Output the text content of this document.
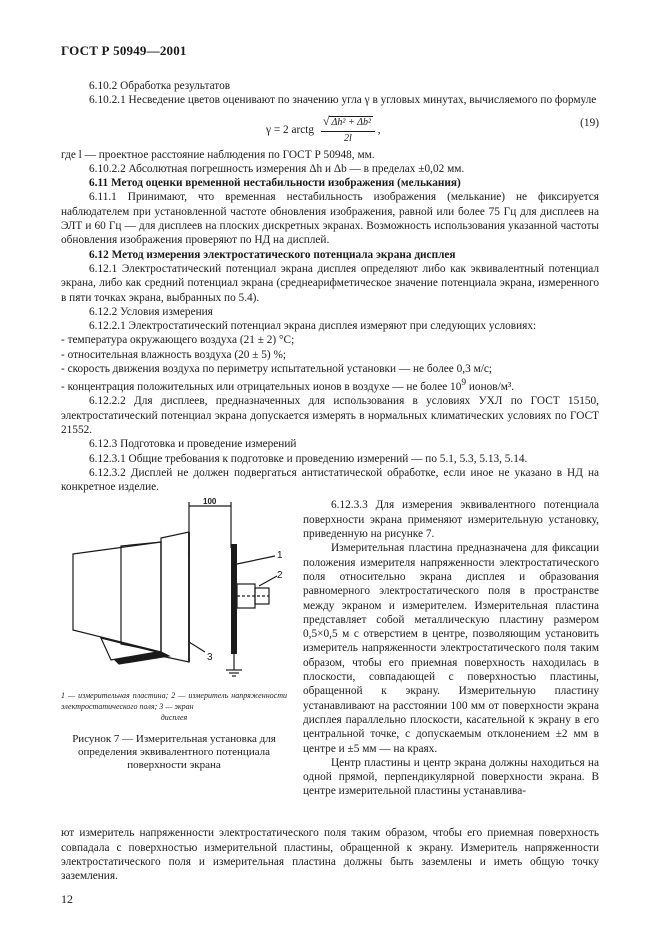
ГОСТ Р 50949—2001

6.10.2 Обработка результатов

6.10.2.1 Несведение цветов оценивают по значению угла γ в угловых минутах, вычисляемого по формуле

γ = 2 arctg $\frac{\text{√ Δh² + Δb²}}{2l}$ ,
(19)

где l — проектное расстояние наблюдения по ГОСТ Р 50948, мм.

6.10.2.2 Абсолютная погрешность измерения Δh и Δb — в пределах ±0,02 мм.

6.11 Метод оценки временной нестабильности изображения (мелькания)

6.11.1 Принимают, что временная нестабильность изображения (мелькание) не фиксируется наблюдателем при установленной частоте обновления изображения, равной или более 75 Гц для дисплеев на ЭЛТ и 60 Гц — для дисплеев на плоских дискретных экранах. Возможность использования указанной частоты обновления изображения проверяют по НД на дисплей.

6.12 Метод измерения электростатического потенциала экрана дисплея

6.12.1 Электростатический потенциал экрана дисплея определяют либо как эквивалентный потенциал экрана, либо как средний потенциал экрана (среднеарифметическое значение потенциала экрана, измеренного в пяти точках экрана, выбранных по 5.4).

6.12.2 Условия измерения

6.12.2.1 Электростатический потенциал экрана дисплея измеряют при следующих условиях:

- температура окружающего воздуха (21 ± 2) °С;

- относительная влажность воздуха (20 ± 5) %;

- скорость движения воздуха по периметру испытательной установки — не более 0,3 м/с;

- концентрация положительных или отрицательных ионов в воздухе — не более $10^9$ ионов/м³.

6.12.2.2 Для дисплеев, предназначенных для использования в условиях УХЛ по ГОСТ 15150, электростатический потенциал экрана допускается измерять в нормальных климатических условиях по ГОСТ 21552.

6.12.3 Подготовка и проведение измерений

6.12.3.1 Общие требования к подготовке и проведению измерений — по 5.1, 5.3, 5.13, 5.14.

6.12.3.2 Дисплей не должен подвергаться антистатической обработке, если иное не указано в НД на конкретное изделие.

100
1
2
3
1 — измерительная пластина; 2 — измеритель напряженности электростатического поля; 3 — экран
дисплея
Рисунок 7 — Измерительная установка для определения эквивалентного потенциала поверхности экрана

6.12.3.3 Для измерения эквивалентного потенциала поверхности экрана применяют измерительную установку, приведенную на рисунке 7.

Измерительная пластина предназначена для фиксации положения измерителя напряженности электростатического поля относительно экрана дисплея и образования равномерного электростатического поля в пространстве между экраном и измерителем. Измерительная пластина представляет собой металлическую пластину размером 0,5×0,5 м с отверстием в центре, позволяющим установить измеритель напряженности электростатического поля таким образом, чтобы его приемная поверхность находилась в плоскости, совпадающей с поверхностью пластины, обращенной к экрану. Измерительную пластину устанавливают на расстоянии 100 мм от поверхности экрана дисплея параллельно плоскости, касательной к экрану в его центральной точке, с допускаемым отклонением ±2 мм в центре и ±5 мм — на краях.

Центр пластины и центр экрана должны находиться на одной прямой, перпендикулярной поверхности экрана. В центре измерительной пластины устанавлива-

ют измеритель напряженности электростатического поля таким образом, чтобы его приемная поверхность совпадала с поверхностью измерительной пластины, обращенной к экрану. Измеритель напряженности электростатического поля и измерительная пластина должны быть заземлены и иметь общую точку заземления.

12
